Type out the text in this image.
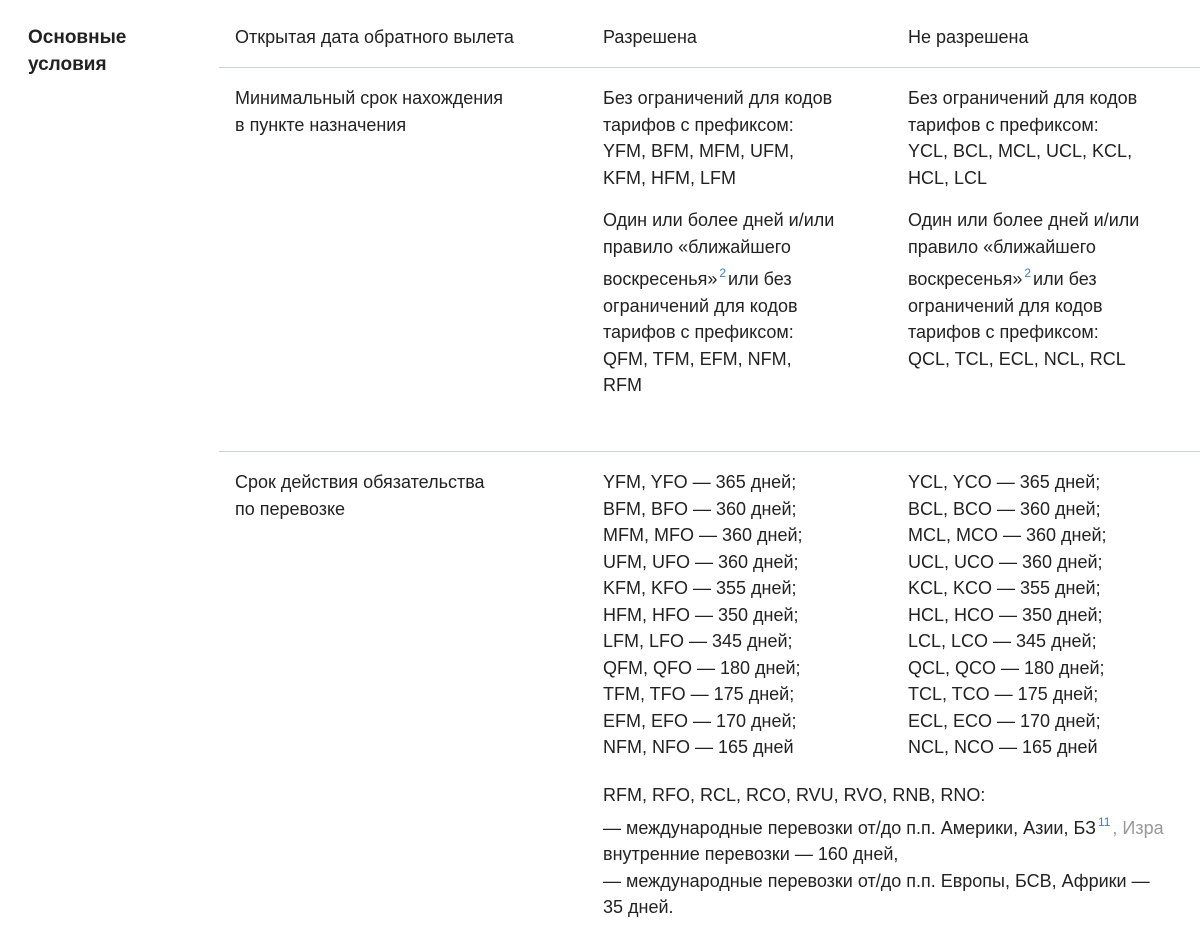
Основные
условия
Открытая дата обратного вылета	Разрешена	Не разрешена
Минимальный срок нахождения
в пункте назначения
Без ограничений для кодов
тарифов с префиксом:
YFM, BFM, MFM, UFM,
KFM, HFM, LFM
Один или более дней и/или
правило «ближайшего
воскресенья» $^2$ или без
ограничений для кодов
тарифов с префиксом:
QFM, TFM, EFM, NFM,
RFM
Без ограничений для кодов
тарифов с префиксом:
YCL, BCL, MCL, UCL, KCL,
HCL, LCL
Один или более дней и/или
правило «ближайшего
воскресенья» $^2$ или без
ограничений для кодов
тарифов с префиксом:
QCL, TCL, ECL, NCL, RCL
Срок действия обязательства
по перевозке
YFM, YFO — 365 дней;
BFM, BFO — 360 дней;
MFM, MFO — 360 дней;
UFM, UFO — 360 дней;
KFM, KFO — 355 дней;
HFM, HFO — 350 дней;
LFM, LFO — 345 дней;
QFM, QFO — 180 дней;
TFM, TFO — 175 дней;
EFM, EFO — 170 дней;
NFM, NFO — 165 дней
YCL, YCO — 365 дней;
BCL, BCO — 360 дней;
MCL, MCO — 360 дней;
UCL, UCO — 360 дней;
KCL, KCO — 355 дней;
HCL, HCO — 350 дней;
LCL, LCO — 345 дней;
QCL, QCO — 180 дней;
TCL, TCO — 175 дней;
ECL, ECO — 170 дней;
NCL, NCO — 165 дней
RFM, RFO, RCL, RCO, RVU, RVO, RNB, RNO:
— международные перевозки от/до п.п. Америки, Азии, БЗ $^{11}$ , Изра
внутренние перевозки — 160 дней,
— международные перевозки от/до п.п. Европы, БСВ, Африки —
35 дней.
